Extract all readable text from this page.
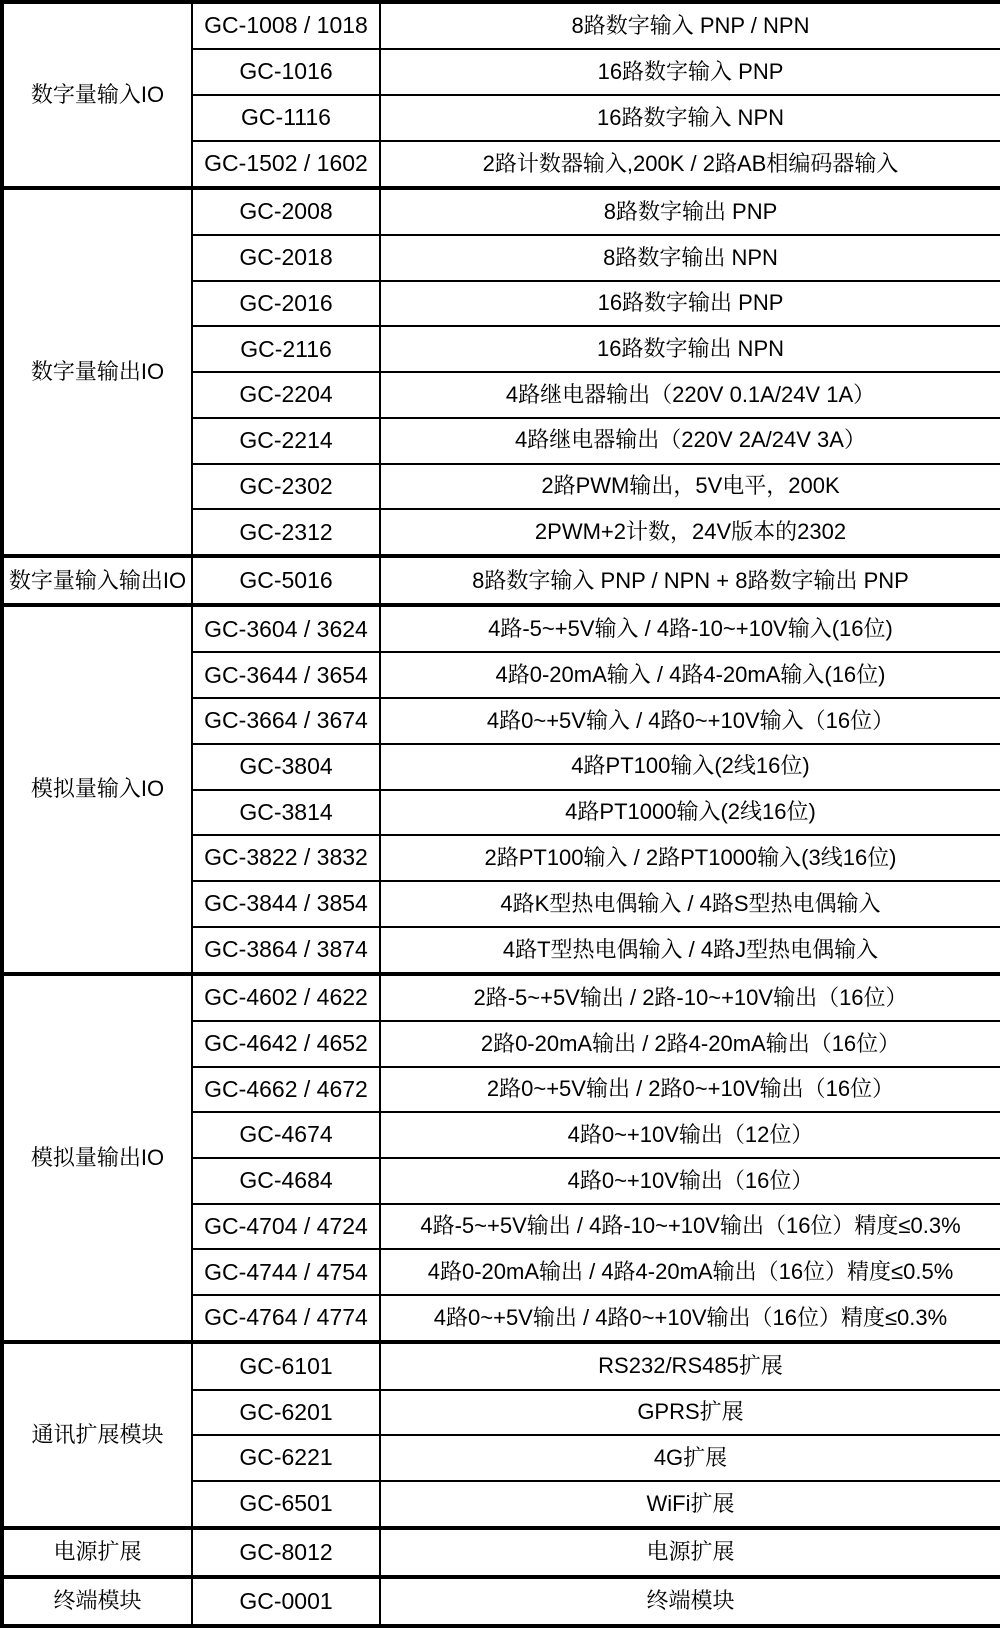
数字量输入IO	GC-1008 / 1018	8路数字输入 PNP / NPN
	GC-1016	16路数字输入 PNP
	GC-1116	16路数字输入 NPN
	GC-1502 / 1602	2路计数器输入,200K / 2路AB相编码器输入
数字量输出IO	GC-2008	8路数字输出 PNP
	GC-2018	8路数字输出 NPN
	GC-2016	16路数字输出 PNP
	GC-2116	16路数字输出 NPN
	GC-2204	4路继电器输出（220V 0.1A/24V 1A）
	GC-2214	4路继电器输出（220V 2A/24V 3A）
	GC-2302	2路PWM输出，5V电平，200K
	GC-2312	2PWM+2计数，24V版本的2302
数字量输入输出IO	GC-5016	8路数字输入 PNP / NPN + 8路数字输出 PNP
模拟量输入IO	GC-3604 / 3624	4路-5~+5V输入 / 4路-10~+10V输入(16位)
	GC-3644 / 3654	4路0-20mA输入 / 4路4-20mA输入(16位)
	GC-3664 / 3674	4路0~+5V输入 / 4路0~+10V输入（16位）
	GC-3804	4路PT100输入(2线16位)
	GC-3814	4路PT1000输入(2线16位)
	GC-3822 / 3832	2路PT100输入 / 2路PT1000输入(3线16位)
	GC-3844 / 3854	4路K型热电偶输入 / 4路S型热电偶输入
	GC-3864 / 3874	4路T型热电偶输入 / 4路J型热电偶输入
模拟量输出IO	GC-4602 / 4622	2路-5~+5V输出 / 2路-10~+10V输出（16位）
	GC-4642 / 4652	2路0-20mA输出 / 2路4-20mA输出（16位）
	GC-4662 / 4672	2路0~+5V输出 / 2路0~+10V输出（16位）
	GC-4674	4路0~+10V输出（12位）
	GC-4684	4路0~+10V输出（16位）
	GC-4704 / 4724	4路-5~+5V输出 / 4路-10~+10V输出（16位）精度≤0.3%
	GC-4744 / 4754	4路0-20mA输出 / 4路4-20mA输出（16位）精度≤0.5%
	GC-4764 / 4774	4路0~+5V输出 / 4路0~+10V输出（16位）精度≤0.3%
通讯扩展模块	GC-6101	RS232/RS485扩展
	GC-6201	GPRS扩展
	GC-6221	4G扩展
	GC-6501	WiFi扩展
电源扩展	GC-8012	电源扩展
终端模块	GC-0001	终端模块
